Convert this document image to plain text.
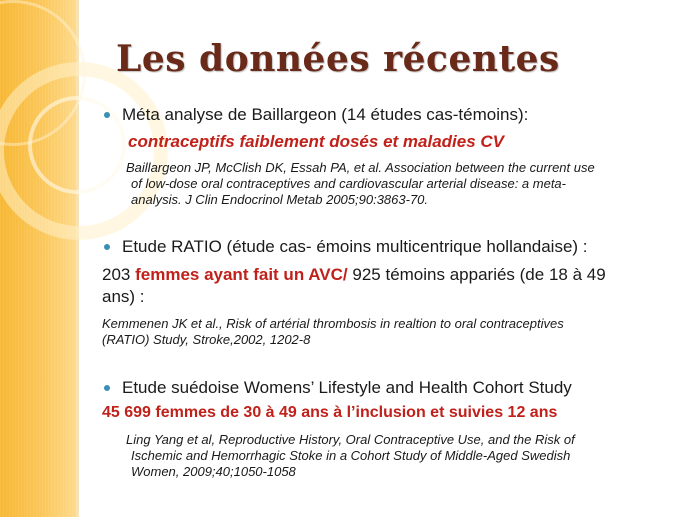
Les données récentes
Méta analyse de Baillargeon (14 études cas-témoins):
contraceptifs faiblement dosés et maladies CV
Baillargeon JP, McClish DK, Essah PA, et al. Association between the current use
of low-dose oral contraceptives and cardiovascular arterial disease: a meta-
analysis. J Clin Endocrinol Metab 2005;90:3863-70.
Etude RATIO (étude cas- émoins multicentrique hollandaise) :
203 femmes ayant fait un AVC/ 925 témoins appariés (de 18 à 49
ans) :
Kemmenen JK et al., Risk of artérial thrombosis in realtion to oral contraceptives
(RATIO) Study, Stroke,2002, 1202-8
Etude suédoise Womens’ Lifestyle and Health Cohort Study
45 699 femmes de 30 à 49 ans à l’inclusion et suivies 12 ans
Ling Yang et al, Reproductive History, Oral Contraceptive Use, and the Risk of
Ischemic and Hemorrhagic Stoke in a Cohort Study of Middle-Aged Swedish
Women, 2009;40;1050-1058
